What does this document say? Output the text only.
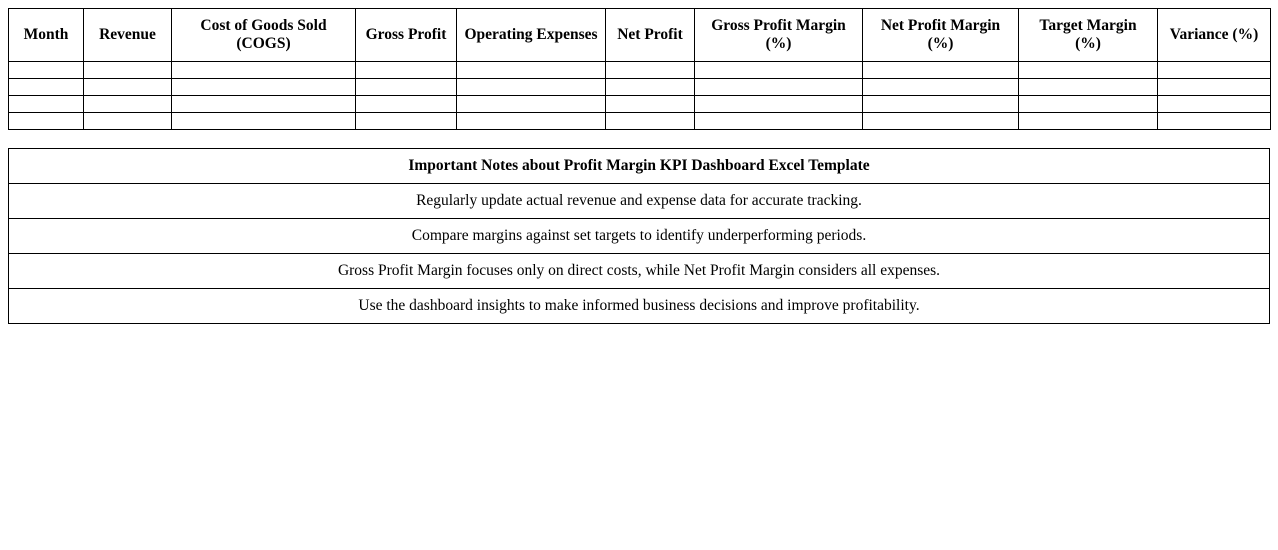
Month	Revenue	Cost of Goods Sold (COGS)	Gross Profit	Operating Expenses	Net Profit	Gross Profit Margin (%)	Net Profit Margin (%)	Target Margin (%)	Variance (%)

Important Notes about Profit Margin KPI Dashboard Excel Template
Regularly update actual revenue and expense data for accurate tracking.
Compare margins against set targets to identify underperforming periods.
Gross Profit Margin focuses only on direct costs, while Net Profit Margin considers all expenses.
Use the dashboard insights to make informed business decisions and improve profitability.
